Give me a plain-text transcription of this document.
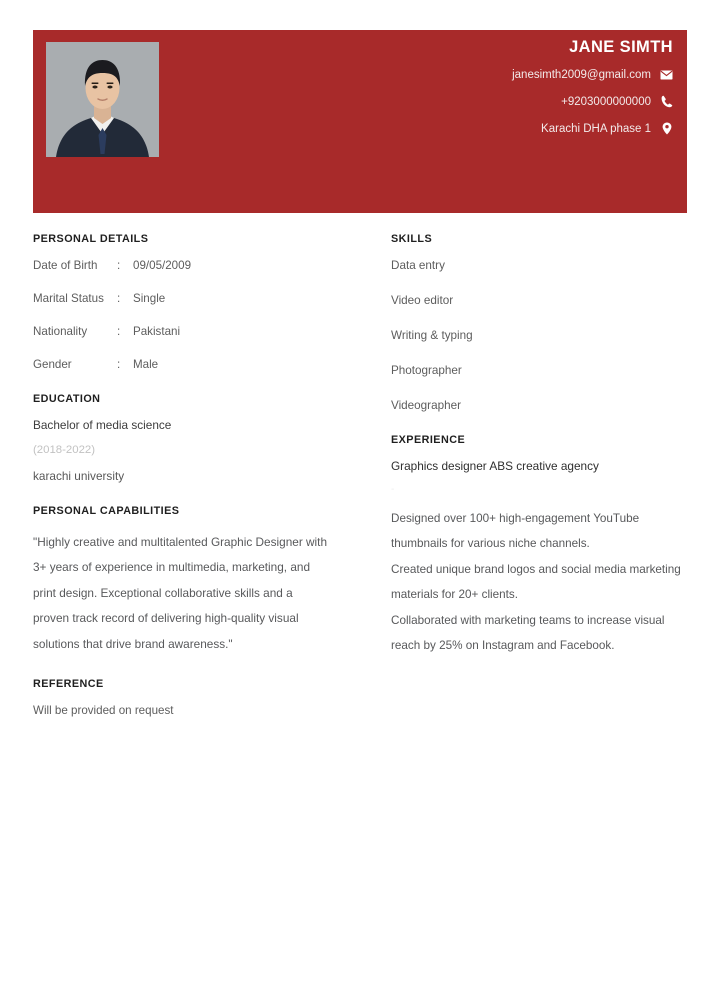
JANE SIMTH
janesimth2009@gmail.com
+9203000000000
Karachi DHA phase 1
PERSONAL DETAILS
Date of Birth	:	09/05/2009
Marital Status	:	Single
Nationality	:	Pakistani
Gender	:	Male
EDUCATION
Bachelor of media science
(2018-2022)
karachi university
PERSONAL CAPABILITIES

"Highly creative and multitalented Graphic Designer with 3+ years of experience in multimedia, marketing, and print design. Exceptional collaborative skills and a proven track record of delivering high-quality visual solutions that drive brand awareness."

REFERENCE
Will be provided on request
SKILLS
Data entry
Video editor
Writing & typing
Photographer
Videographer
EXPERIENCE
Graphics designer ABS creative agency
-
Designed over 100+ high-engagement YouTube thumbnails for various niche channels.
Created unique brand logos and social media marketing materials for 20+ clients.
Collaborated with marketing teams to increase visual reach by 25% on Instagram and Facebook.
